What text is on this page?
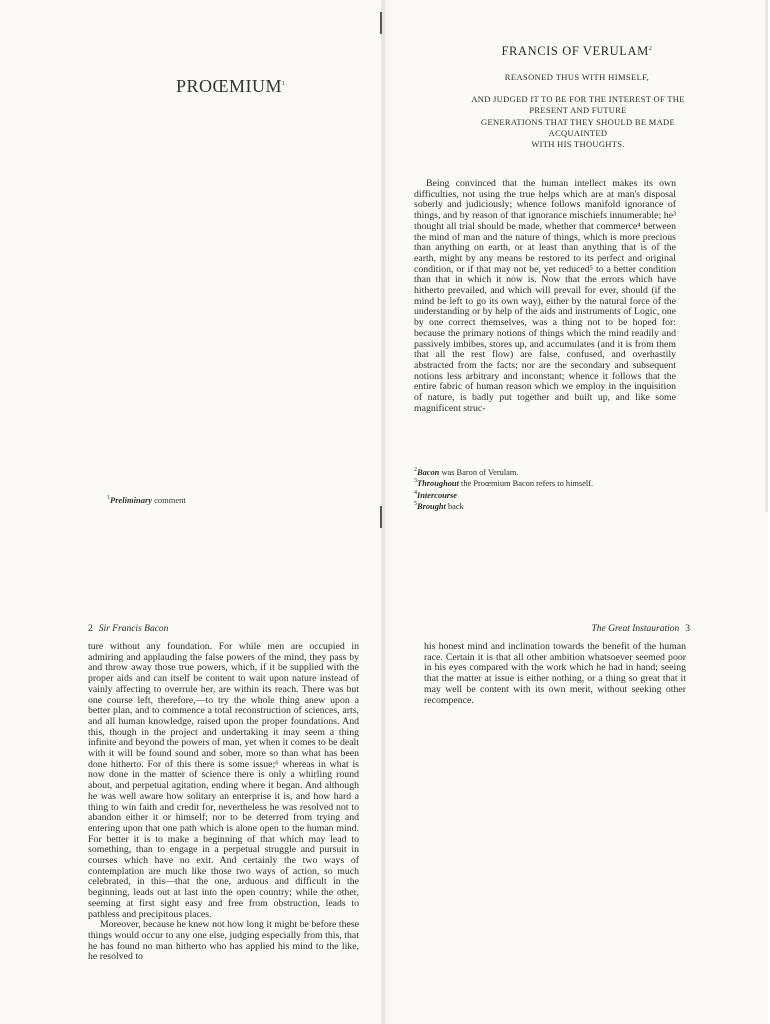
$PROŒMIUM^{1.}$
$^1$Preliminary comment
FRANCIS OF VERULAM$^2$

REASONED THUS WITH HIMSELF,

AND JUDGED IT TO BE FOR THE INTEREST OF THE
PRESENT AND FUTURE
GENERATIONS THAT THEY SHOULD BE MADE
ACQUAINTED
WITH HIS THOUGHTS.

Being convinced that the human intellect makes its own difficulties, not using the true helps which are at man's disposal soberly and judiciously; whence follows manifold ignorance of things, and by reason of that ignorance mischiefs innumerable; he³ thought all trial should be made, whether that commerce⁴ between the mind of man and the nature of things, which is more precious than anything on earth, or at least than anything that is of the earth, might by any means be restored to its perfect and original condition, or if that may not be, yet reduced⁵ to a better condition than that in which it now is. Now that the errors which have hitherto prevailed, and which will prevail for ever, should (if the mind be left to go its own way), either by the natural force of the understanding or by help of the aids and instruments of Logic, one by one correct themselves, was a thing not to be hoped for: because the primary notions of things which the mind readily and passively imbibes, stores up, and accumulates (and it is from them that all the rest flow) are false, confused, and overhastily abstracted from the facts; nor are the secondary and subsequent notions less arbitrary and inconstant; whence it follows that the entire fabric of human reason which we employ in the inquisition of nature, is badly put together and built up, and like some magnificent struc-

$^2$Bacon was Baron of Verulam.
$^3$Throughout the Proœmium Bacon refers to himself.
$^4$Intercourse
$^5$Brought back
2 Sir Francis Bacon

ture without any foundation. For while men are occupied in admiring and applauding the false powers of the mind, they pass by and throw away those true powers, which, if it be supplied with the proper aids and can itself be content to wait upon nature instead of vainly affecting to overrule her, are within its reach. There was but one course left, therefore,—to try the whole thing anew upon a better plan, and to commence a total reconstruction of sciences, arts, and all human knowledge, raised upon the proper foundations. And this, though in the project and undertaking it may seem a thing infinite and beyond the powers of man, yet when it comes to be dealt with it will be found sound and sober, more so than what has been done hitherto. For of this there is some issue;⁶ whereas in what is now done in the matter of science there is only a whirling round about, and perpetual agitation, ending where it began. And although he was well aware how solitary an enterprise it is, and how hard a thing to win faith and credit for, nevertheless he was resolved not to abandon either it or himself; nor to be deterred from trying and entering upon that one path which is alone open to the human mind. For better it is to make a beginning of that which may lead to something, than to engage in a perpetual struggle and pursuit in courses which have no exit. And certainly the two ways of contemplation are much like those two ways of action, so much celebrated, in this—that the one, arduous and difficult in the beginning, leads out at last into the open country; while the other, seeming at first sight easy and free from obstruction, leads to pathless and precipitous places.

Moreover, because he knew not how long it might be before these things would occur to any one else, judging especially from this, that he has found no man hitherto who has applied his mind to the like, he resolved to

The Great Instauration 3

his honest mind and inclination towards the benefit of the human race. Certain it is that all other ambition whatsoever seemed poor in his eyes compared with the work which he had in hand; seeing that the matter at issue is either nothing, or a thing so great that it may well be content with its own merit, without seeking other recompence.
